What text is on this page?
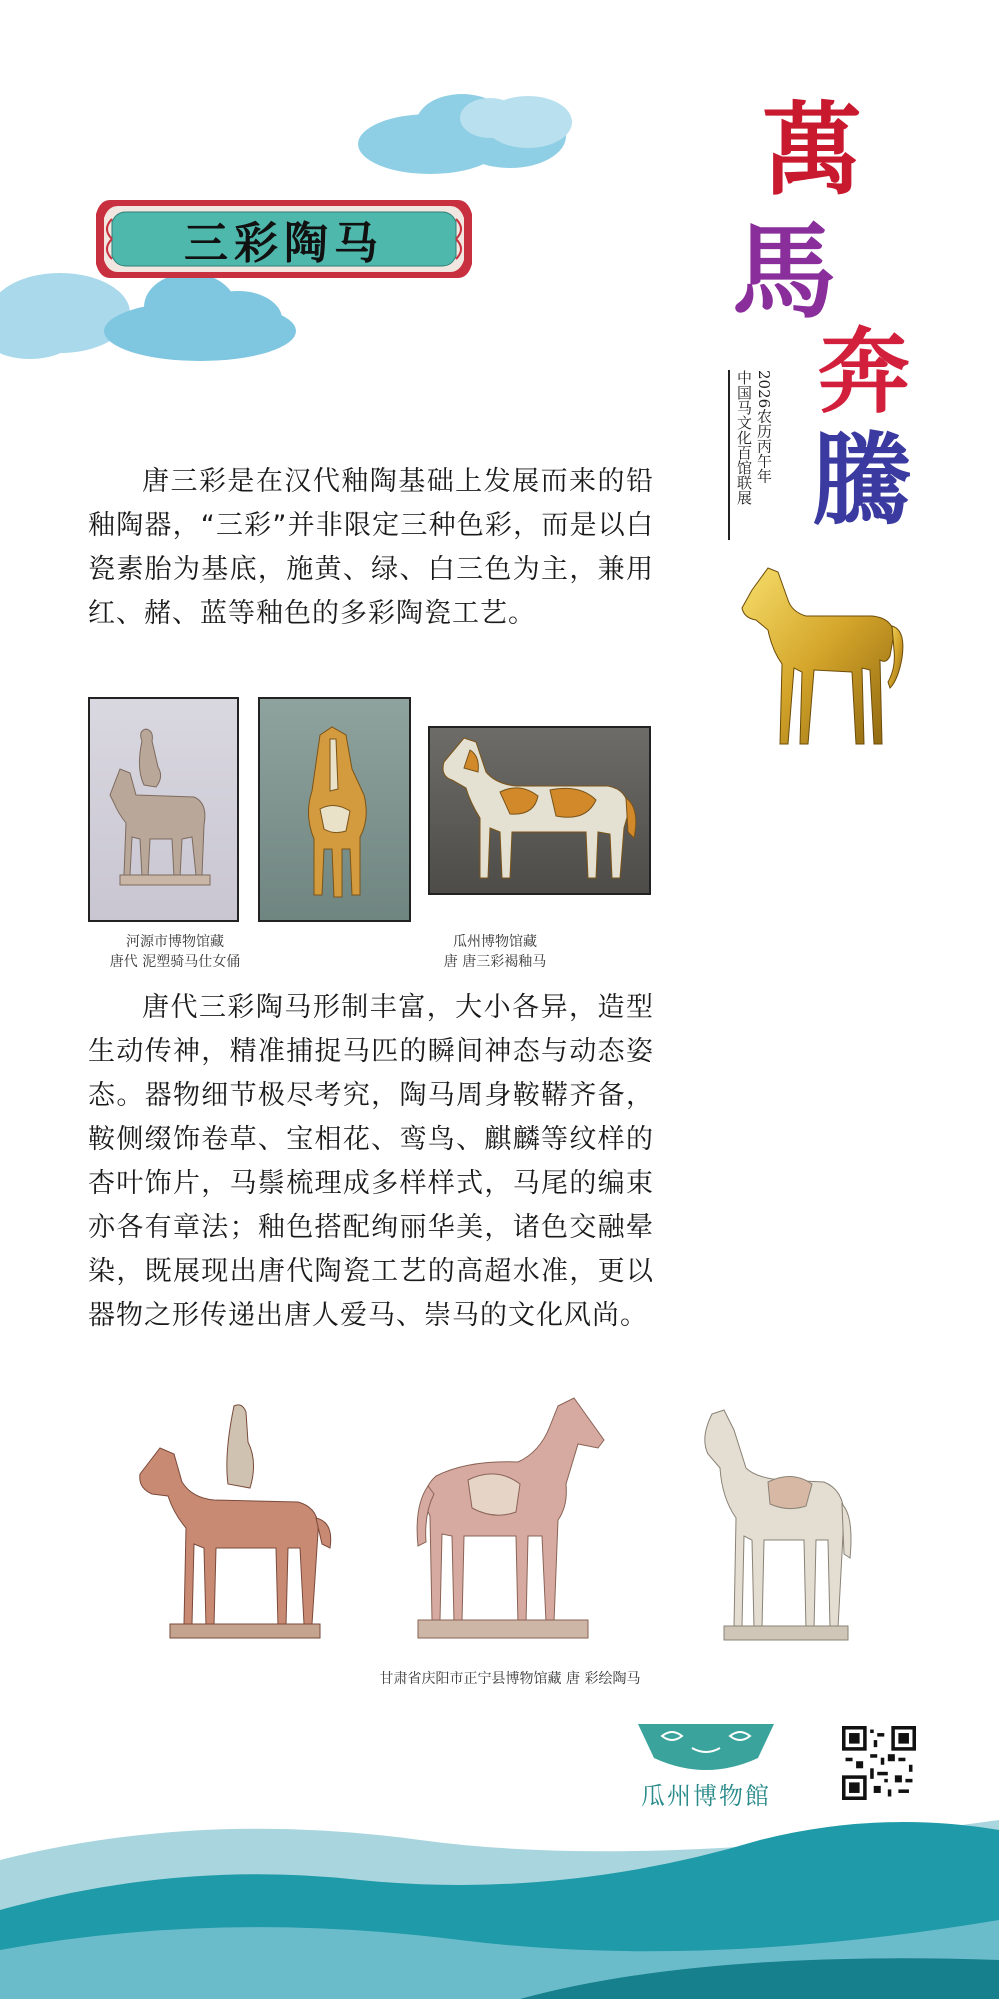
三彩陶马
萬
馬
奔
騰
2026农历丙午年
中国马文化百馆联展
唐三彩是在汉代釉陶基础上发展而来的铅釉陶器，“三彩”并非限定三种色彩，而是以白瓷素胎为基底，施黄、绿、白三色为主，兼用红、赭、蓝等釉色的多彩陶瓷工艺。
河源市博物馆藏
唐代 泥塑骑马仕女俑
瓜州博物馆藏
唐 唐三彩褐釉马
唐代三彩陶马形制丰富，大小各异，造型生动传神，精准捕捉马匹的瞬间神态与动态姿态。器物细节极尽考究，陶马周身鞍鞯齐备，鞍侧缀饰卷草、宝相花、鸾鸟、麒麟等纹样的杏叶饰片，马鬃梳理成多样样式，马尾的编束亦各有章法；釉色搭配绚丽华美，诸色交融晕染，既展现出唐代陶瓷工艺的高超水准，更以器物之形传递出唐人爱马、崇马的文化风尚。
甘肃省庆阳市正宁县博物馆藏 唐 彩绘陶马
瓜州博物館
